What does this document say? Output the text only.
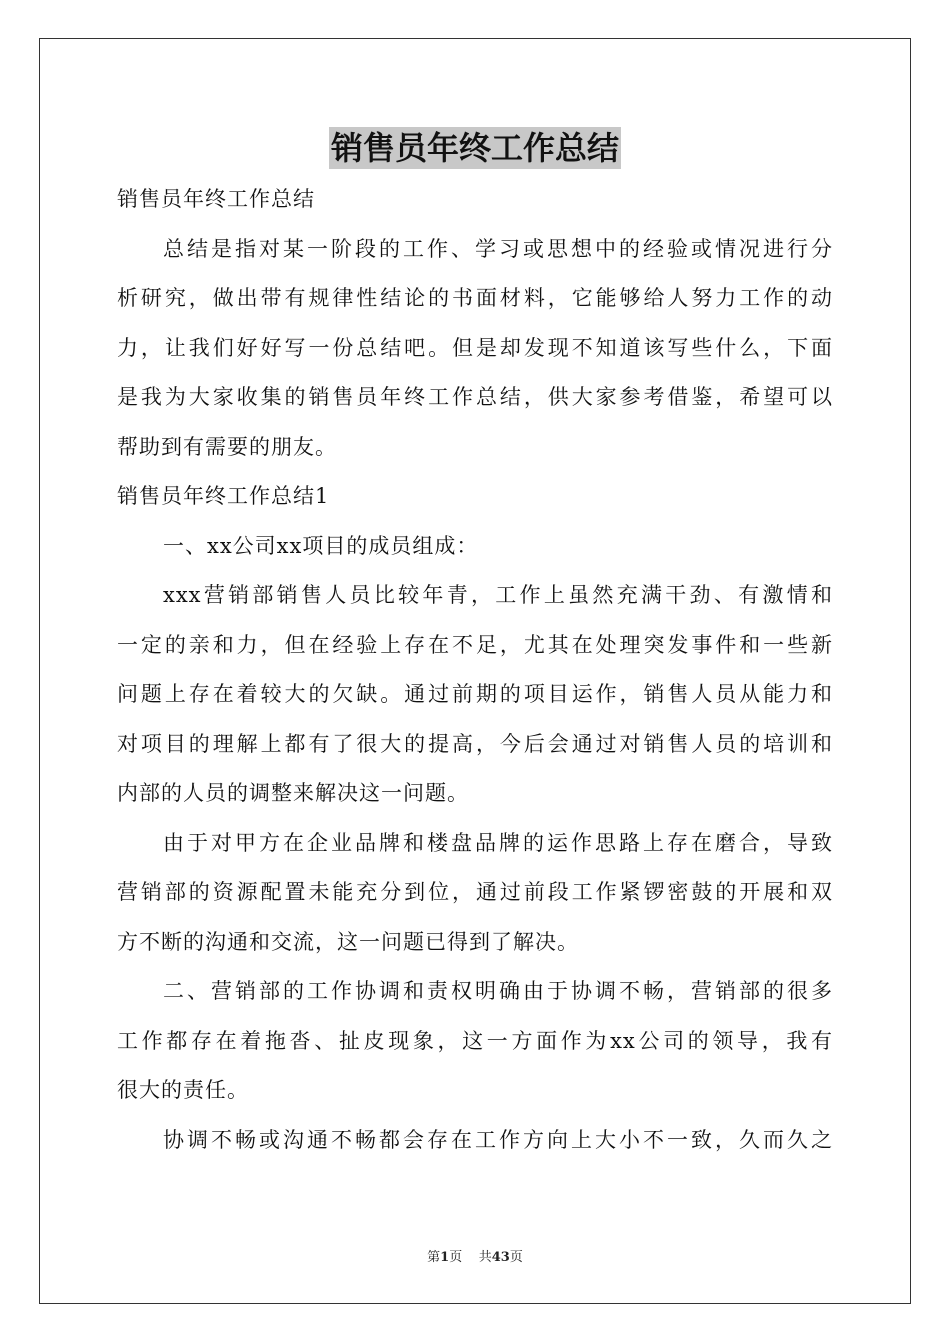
销售员年终工作总结
销售员年终工作总结
总结是指对某一阶段的工作、学习或思想中的经验或情况进行分
析研究，做出带有规律性结论的书面材料，它能够给人努力工作的动
力，让我们好好写一份总结吧。但是却发现不知道该写些什么，下面
是我为大家收集的销售员年终工作总结，供大家参考借鉴，希望可以
帮助到有需要的朋友。
销售员年终工作总结1
一、xx公司xx项目的成员组成：
xxx营销部销售人员比较年青，工作上虽然充满干劲、有激情和
一定的亲和力，但在经验上存在不足，尤其在处理突发事件和一些新
问题上存在着较大的欠缺。通过前期的项目运作，销售人员从能力和
对项目的理解上都有了很大的提高，今后会通过对销售人员的培训和
内部的人员的调整来解决这一问题。
由于对甲方在企业品牌和楼盘品牌的运作思路上存在磨合，导致
营销部的资源配置未能充分到位，通过前段工作紧锣密鼓的开展和双
方不断的沟通和交流，这一问题已得到了解决。
二、营销部的工作协调和责权明确由于协调不畅，营销部的很多
工作都存在着拖沓、扯皮现象，这一方面作为xx公司的领导，我有
很大的责任。
协调不畅或沟通不畅都会存在工作方向上大小不一致，久而久之
第1页 共43页
